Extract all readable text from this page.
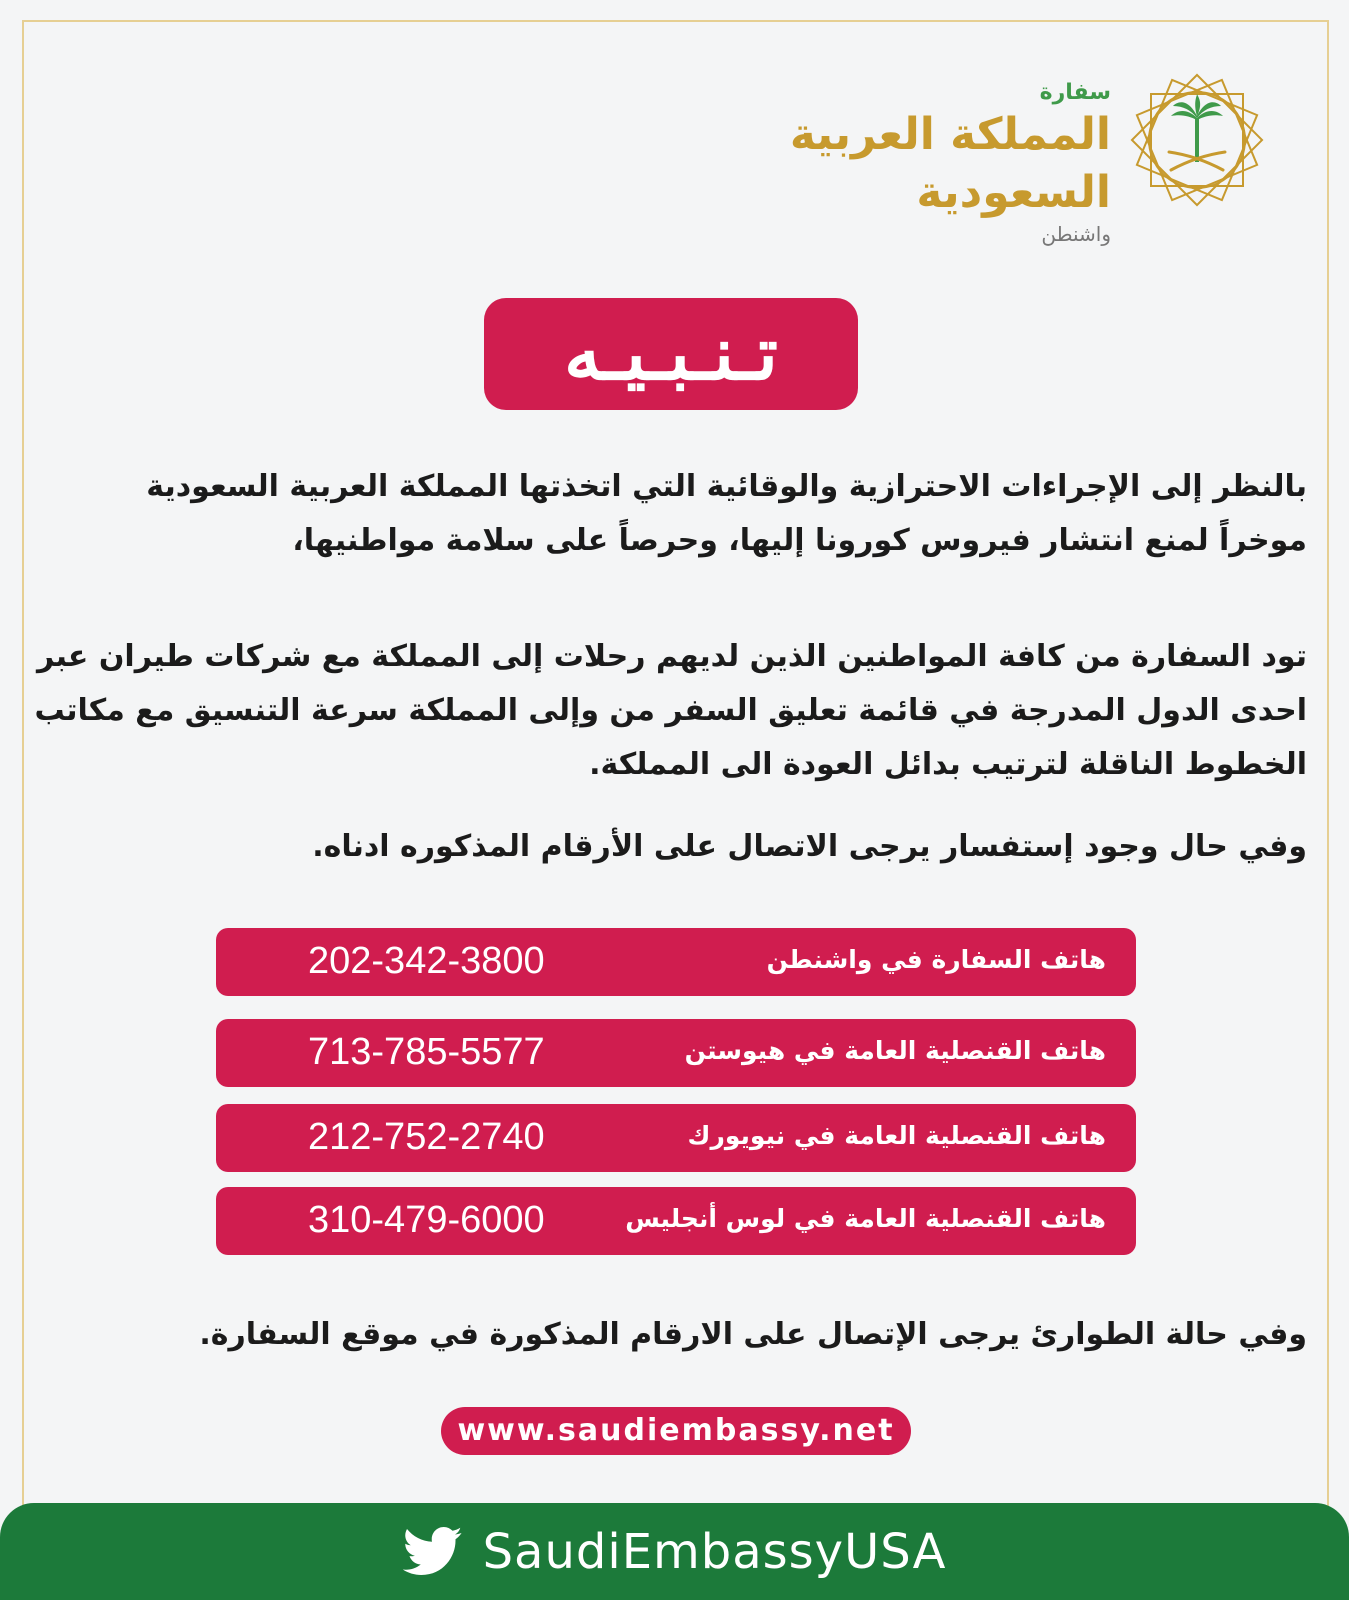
سفارة
المملكة العربية السعودية
واشنطن
تـنـبـيـه
بالنظر إلى الإجراءات الاحترازية والوقائية التي اتخذتها المملكة العربية السعودية موخراً لمنع انتشار فيروس كورونا إليها، وحرصاً على سلامة مواطنيها،
تود السفارة من كافة المواطنين الذين لديهم رحلات إلى المملكة مع شركات طيران عبر احدى الدول المدرجة في قائمة تعليق السفر من وإلى المملكة سرعة التنسيق مع مكاتب الخطوط الناقلة لترتيب بدائل العودة الى المملكة.
وفي حال وجود إستفسار يرجى الاتصال على الأرقام المذكوره ادناه.
هاتف السفارة في واشنطن
202-342-3800
هاتف القنصلية العامة في هيوستن
713-785-5577
هاتف القنصلية العامة في نيويورك
212-752-2740
هاتف القنصلية العامة في لوس أنجليس
310-479-6000
وفي حالة الطوارئ يرجى الإتصال على الارقام المذكورة في موقع السفارة.
www.saudiembassy.net
SaudiEmbassyUSA
